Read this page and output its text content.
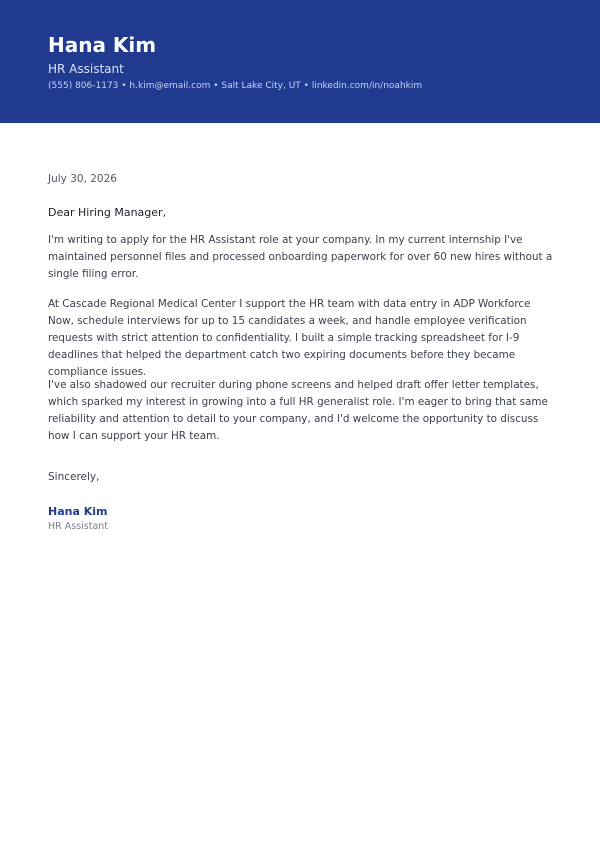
Hana Kim
HR Assistant
(555) 806-1173 • h.kim@email.com • Salt Lake City, UT • linkedin.com/in/noahkim
July 30, 2026
Dear Hiring Manager,

I'm writing to apply for the HR Assistant role at your company. In my current internship I've maintained personnel files and processed onboarding paperwork for over 60 new hires without a single filing error.

At Cascade Regional Medical Center I support the HR team with data entry in ADP Workforce Now, schedule interviews for up to 15 candidates a week, and handle employee verification requests with strict attention to confidentiality. I built a simple tracking spreadsheet for I-9 deadlines that helped the department catch two expiring documents before they became compliance issues.

I've also shadowed our recruiter during phone screens and helped draft offer letter templates, which sparked my interest in growing into a full HR generalist role. I'm eager to bring that same reliability and attention to detail to your company, and I'd welcome the opportunity to discuss how I can support your HR team.

Sincerely,
Hana Kim
HR Assistant
